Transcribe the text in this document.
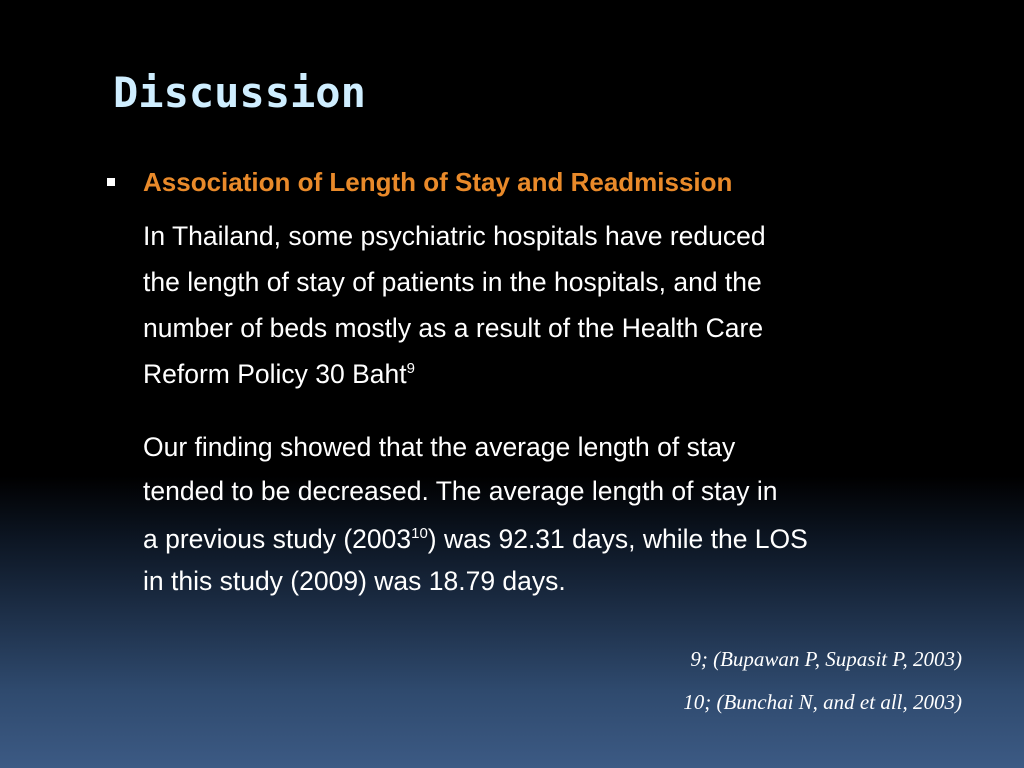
Discussion
Association of Length of Stay and Readmission
In Thailand, some psychiatric hospitals have reduced
the length of stay of patients in the hospitals, and the
number of beds mostly as a result of the Health Care
Reform Policy 30 Baht$^9$
Our finding showed that the average length of stay
tended to be decreased. The average length of stay in
a previous study (2003$^{10}$) was 92.31 days, while the LOS
in this study (2009) was 18.79 days.
9; (Bupawan P, Supasit P, 2003)
10; (Bunchai N, and et all, 2003)
